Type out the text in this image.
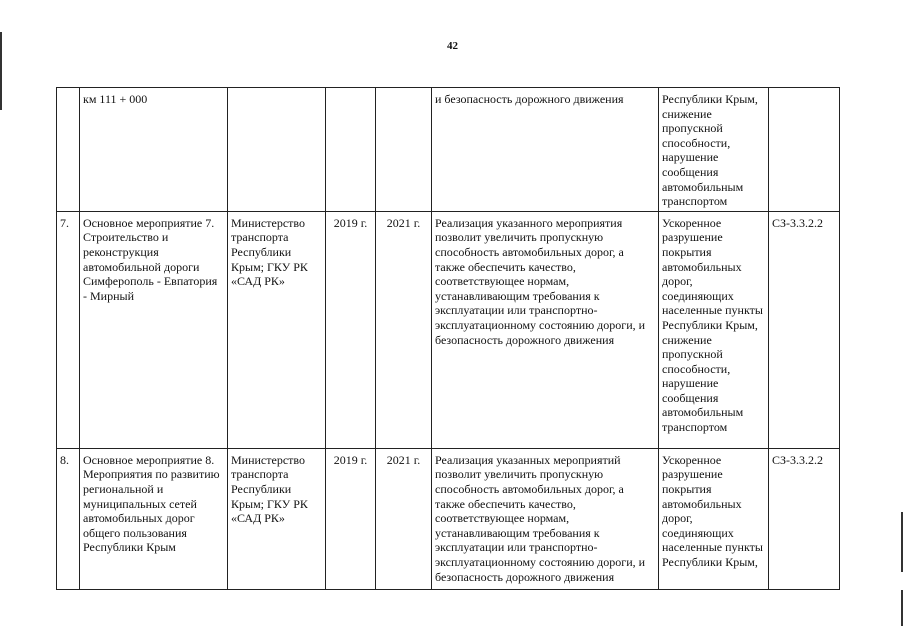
42
	км 111 + 000				и безопасность дорожного движения	Республики Крым, снижение пропускной способности, нарушение сообщения автомобильным транспортом	
7.	Основное мероприятие 7. Строительство и реконструкция автомобильной дороги Симферополь - Евпатория - Мирный	Министерство транспорта Республики Крым; ГКУ РК «САД РК»	2019 г.	2021 г.	Реализация указанного мероприятия позволит увеличить пропускную способность автомобильных дорог, а также обеспечить качество, соответствующее нормам, устанавливающим требования к эксплуатации или транспортно-эксплуатационному состоянию дороги, и безопасность дорожного движения	Ускоренное разрушение покрытия автомобильных дорог, соединяющих населенные пункты Республики Крым, снижение пропускной способности, нарушение сообщения автомобильным транспортом	СЗ-3.3.2.2
8.	Основное мероприятие 8. Мероприятия по развитию региональной и муниципальных сетей автомобильных дорог общего пользования Республики Крым	Министерство транспорта Республики Крым; ГКУ РК «САД РК»	2019 г.	2021 г.	Реализация указанных мероприятий позволит увеличить пропускную способность автомобильных дорог, а также обеспечить качество, соответствующее нормам, устанавливающим требования к эксплуатации или транспортно-эксплуатационному состоянию дороги, и безопасность дорожного движения	Ускоренное разрушение покрытия автомобильных дорог, соединяющих населенные пункты Республики Крым,	СЗ-3.3.2.2
